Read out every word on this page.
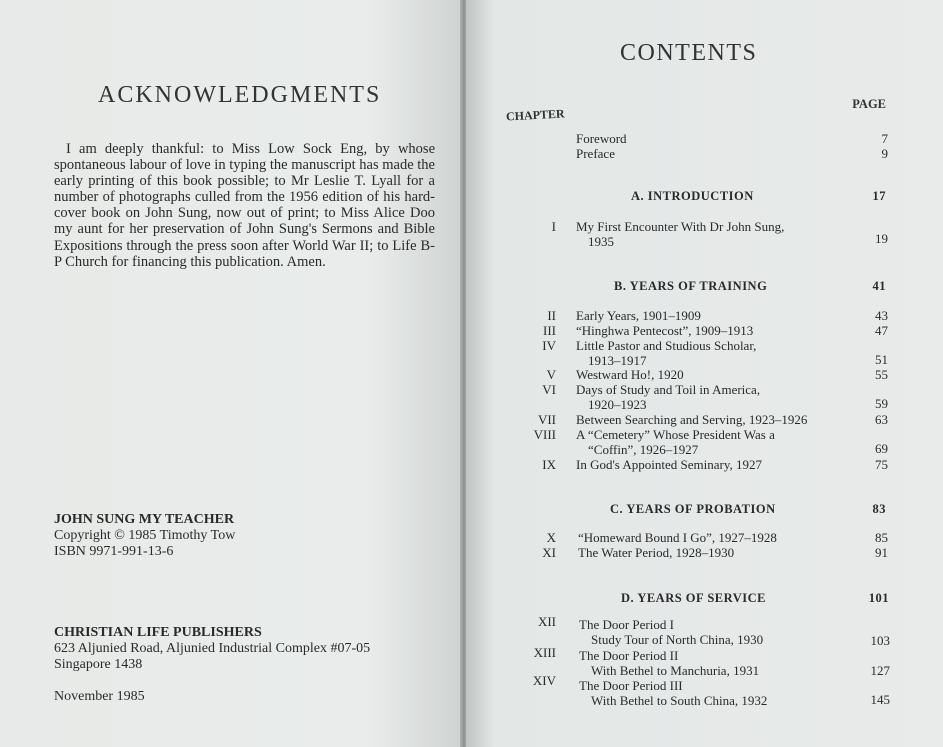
ACKNOWLEDGMENTS
I am deeply thankful: to Miss Low Sock Eng, by whose spontaneous labour of love in typing the manuscript has made the early printing of this book possible; to Mr Leslie T. Lyall for a number of photographs culled from the 1956 edition of his hard-cover book on John Sung, now out of print; to Miss Alice Doo my aunt for her preservation of John Sung's Sermons and Bible Expositions through the press soon after World War II; to Life B-P Church for financing this publication. Amen.
JOHN SUNG MY TEACHER
Copyright © 1985 Timothy Tow
ISBN 9971-991-13-6
CHRISTIAN LIFE PUBLISHERS
623 Aljunied Road, Aljunied Industrial Complex #07-05
Singapore 1438
November 1985
CONTENTS
CHAPTER
PAGE
Foreword	7
Preface	9
A. INTRODUCTION	17
I My First Encounter With Dr John Sung,
1935	19
B. YEARS OF TRAINING	41
II Early Years, 1901–1909	43
III “Hinghwa Pentecost”, 1909–1913	47
IV Little Pastor and Studious Scholar,
1913–1917	51
V Westward Ho!, 1920	55
VI Days of Study and Toil in America,
1920–1923	59
VII Between Searching and Serving, 1923–1926	63
VIII A “Cemetery” Whose President Was a
“Coffin”, 1926–1927	69
IX In God's Appointed Seminary, 1927	75
C. YEARS OF PROBATION	83
X “Homeward Bound I Go”, 1927–1928	85
XI The Water Period, 1928–1930	91
D. YEARS OF SERVICE	101
XII The Door Period I
Study Tour of North China, 1930	103
XIII The Door Period II
With Bethel to Manchuria, 1931	127
XIV The Door Period III
With Bethel to South China, 1932	145
